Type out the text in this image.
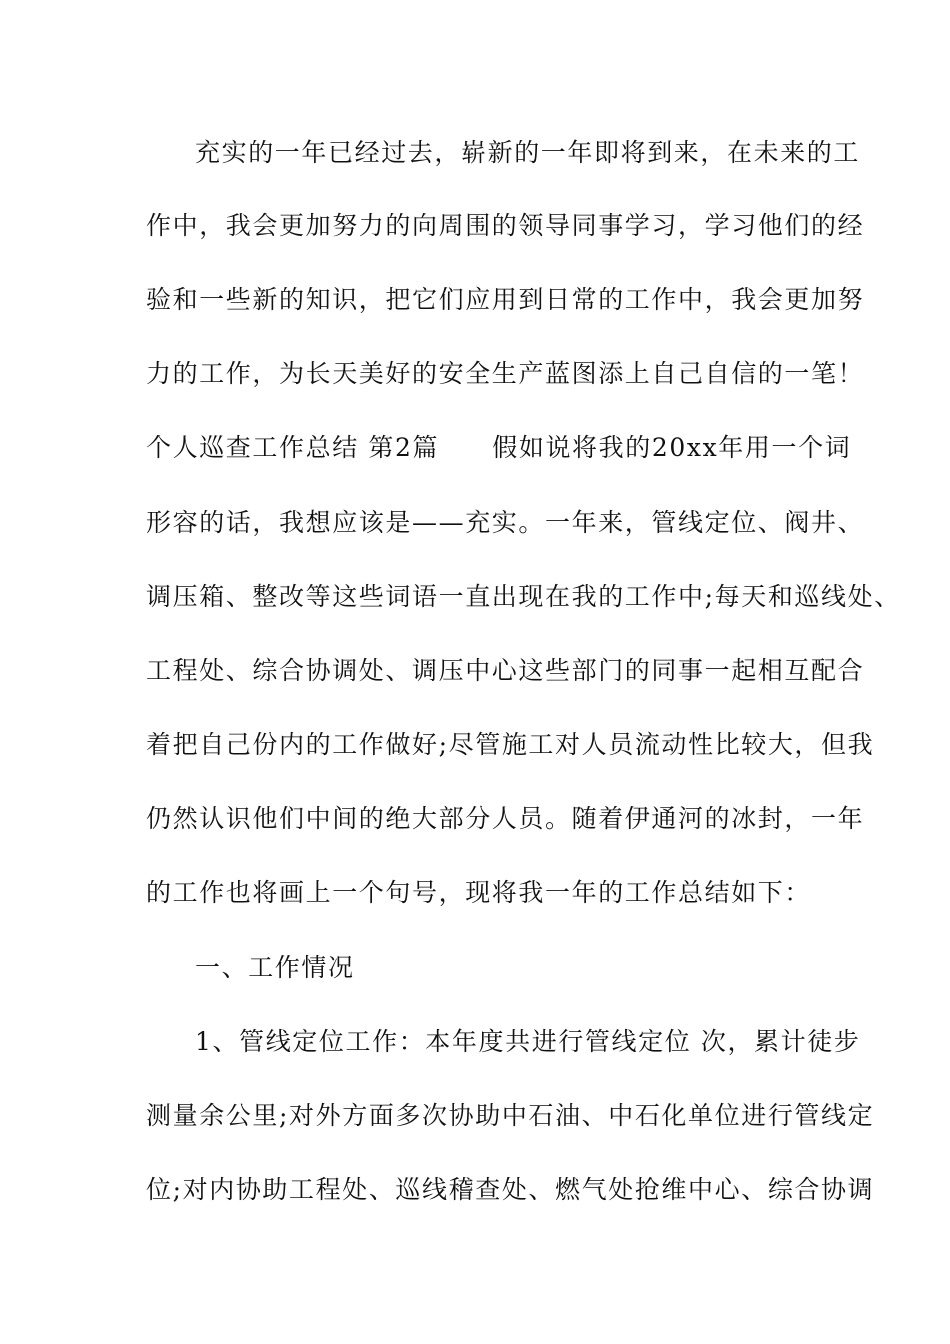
充实的一年已经过去，崭新的一年即将到来，在未来的工
作中，我会更加努力的向周围的领导同事学习，学习他们的经
验和一些新的知识，把它们应用到日常的工作中，我会更加努
力的工作，为长天美好的安全生产蓝图添上自己自信的一笔！
个人巡查工作总结 第2篇　　假如说将我的20xx年用一个词
形容的话，我想应该是——充实。一年来，管线定位、阀井、
调压箱、整改等这些词语一直出现在我的工作中;每天和巡线处、
工程处、综合协调处、调压中心这些部门的同事一起相互配合
着把自己份内的工作做好;尽管施工对人员流动性比较大，但我
仍然认识他们中间的绝大部分人员。随着伊通河的冰封，一年
的工作也将画上一个句号，现将我一年的工作总结如下：
一、工作情况
1、管线定位工作：本年度共进行管线定位 次，累计徒步
测量余公里;对外方面多次协助中石油、中石化单位进行管线定
位;对内协助工程处、巡线稽查处、燃气处抢维中心、综合协调
